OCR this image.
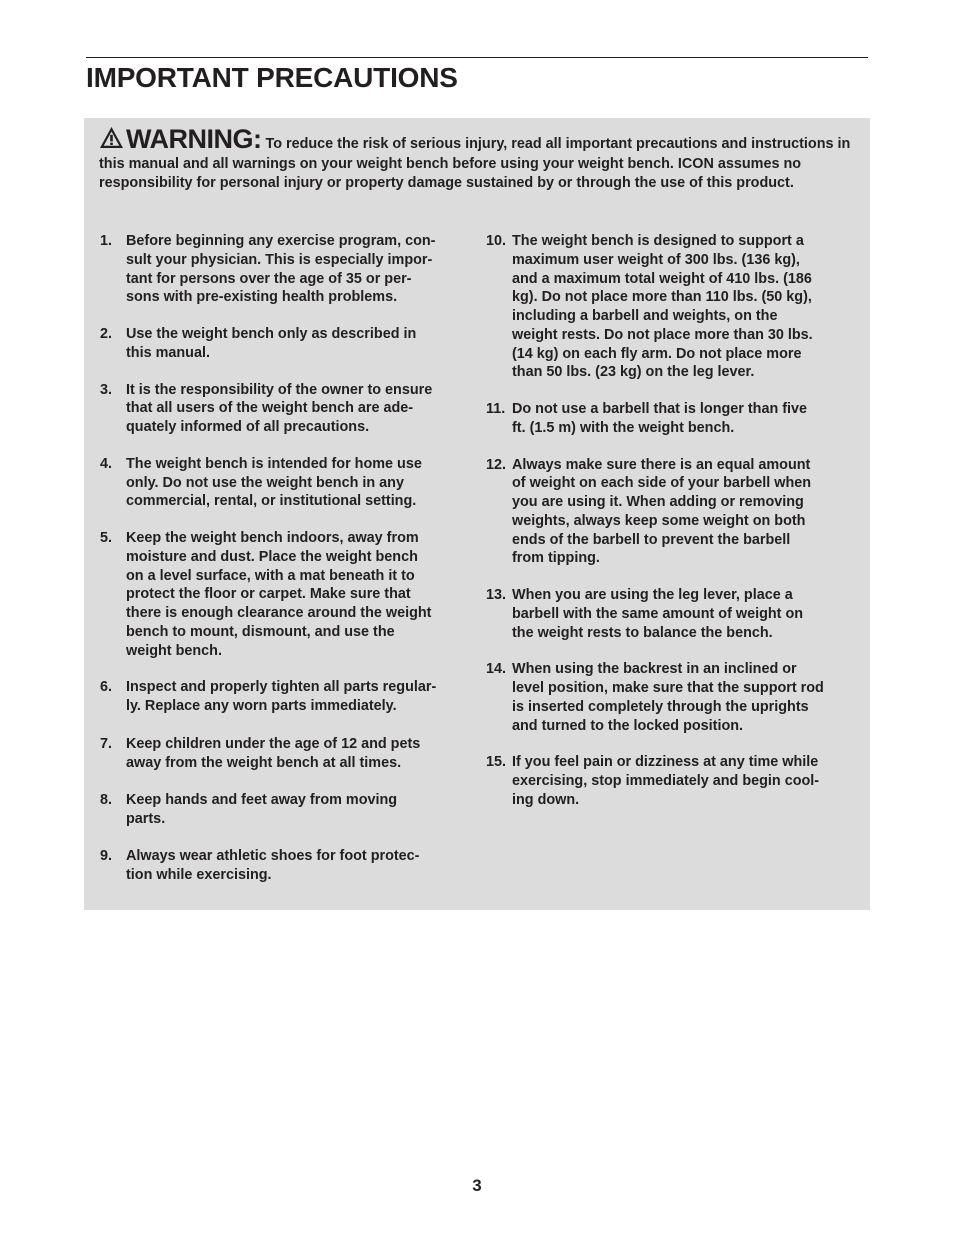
IMPORTANT PRECAUTIONS
WARNING: To reduce the risk of serious injury, read all important precautions and instructions in this manual and all warnings on your weight bench before using your weight bench. ICON assumes no responsibility for personal injury or property damage sustained by or through the use of this product.
1. Before beginning any exercise program, con-
sult your physician. This is especially impor-
tant for persons over the age of 35 or per-
sons with pre-existing health problems.
2. Use the weight bench only as described in
this manual.
3. It is the responsibility of the owner to ensure
that all users of the weight bench are ade-
quately informed of all precautions.
4. The weight bench is intended for home use
only. Do not use the weight bench in any
commercial, rental, or institutional setting.
5. Keep the weight bench indoors, away from
moisture and dust. Place the weight bench
on a level surface, with a mat beneath it to
protect the floor or carpet. Make sure that
there is enough clearance around the weight
bench to mount, dismount, and use the
weight bench.
6. Inspect and properly tighten all parts regular-
ly. Replace any worn parts immediately.
7. Keep children under the age of 12 and pets
away from the weight bench at all times.
8. Keep hands and feet away from moving
parts.
9. Always wear athletic shoes for foot protec-
tion while exercising.
10. The weight bench is designed to support a
maximum user weight of 300 lbs. (136 kg),
and a maximum total weight of 410 lbs. (186
kg). Do not place more than 110 lbs. (50 kg),
including a barbell and weights, on the
weight rests. Do not place more than 30 lbs.
(14 kg) on each fly arm. Do not place more
than 50 lbs. (23 kg) on the leg lever.
11. Do not use a barbell that is longer than five
ft. (1.5 m) with the weight bench.
12. Always make sure there is an equal amount
of weight on each side of your barbell when
you are using it. When adding or removing
weights, always keep some weight on both
ends of the barbell to prevent the barbell
from tipping.
13. When you are using the leg lever, place a
barbell with the same amount of weight on
the weight rests to balance the bench.
14. When using the backrest in an inclined or
level position, make sure that the support rod
is inserted completely through the uprights
and turned to the locked position.
15. If you feel pain or dizziness at any time while
exercising, stop immediately and begin cool-
ing down.
3
